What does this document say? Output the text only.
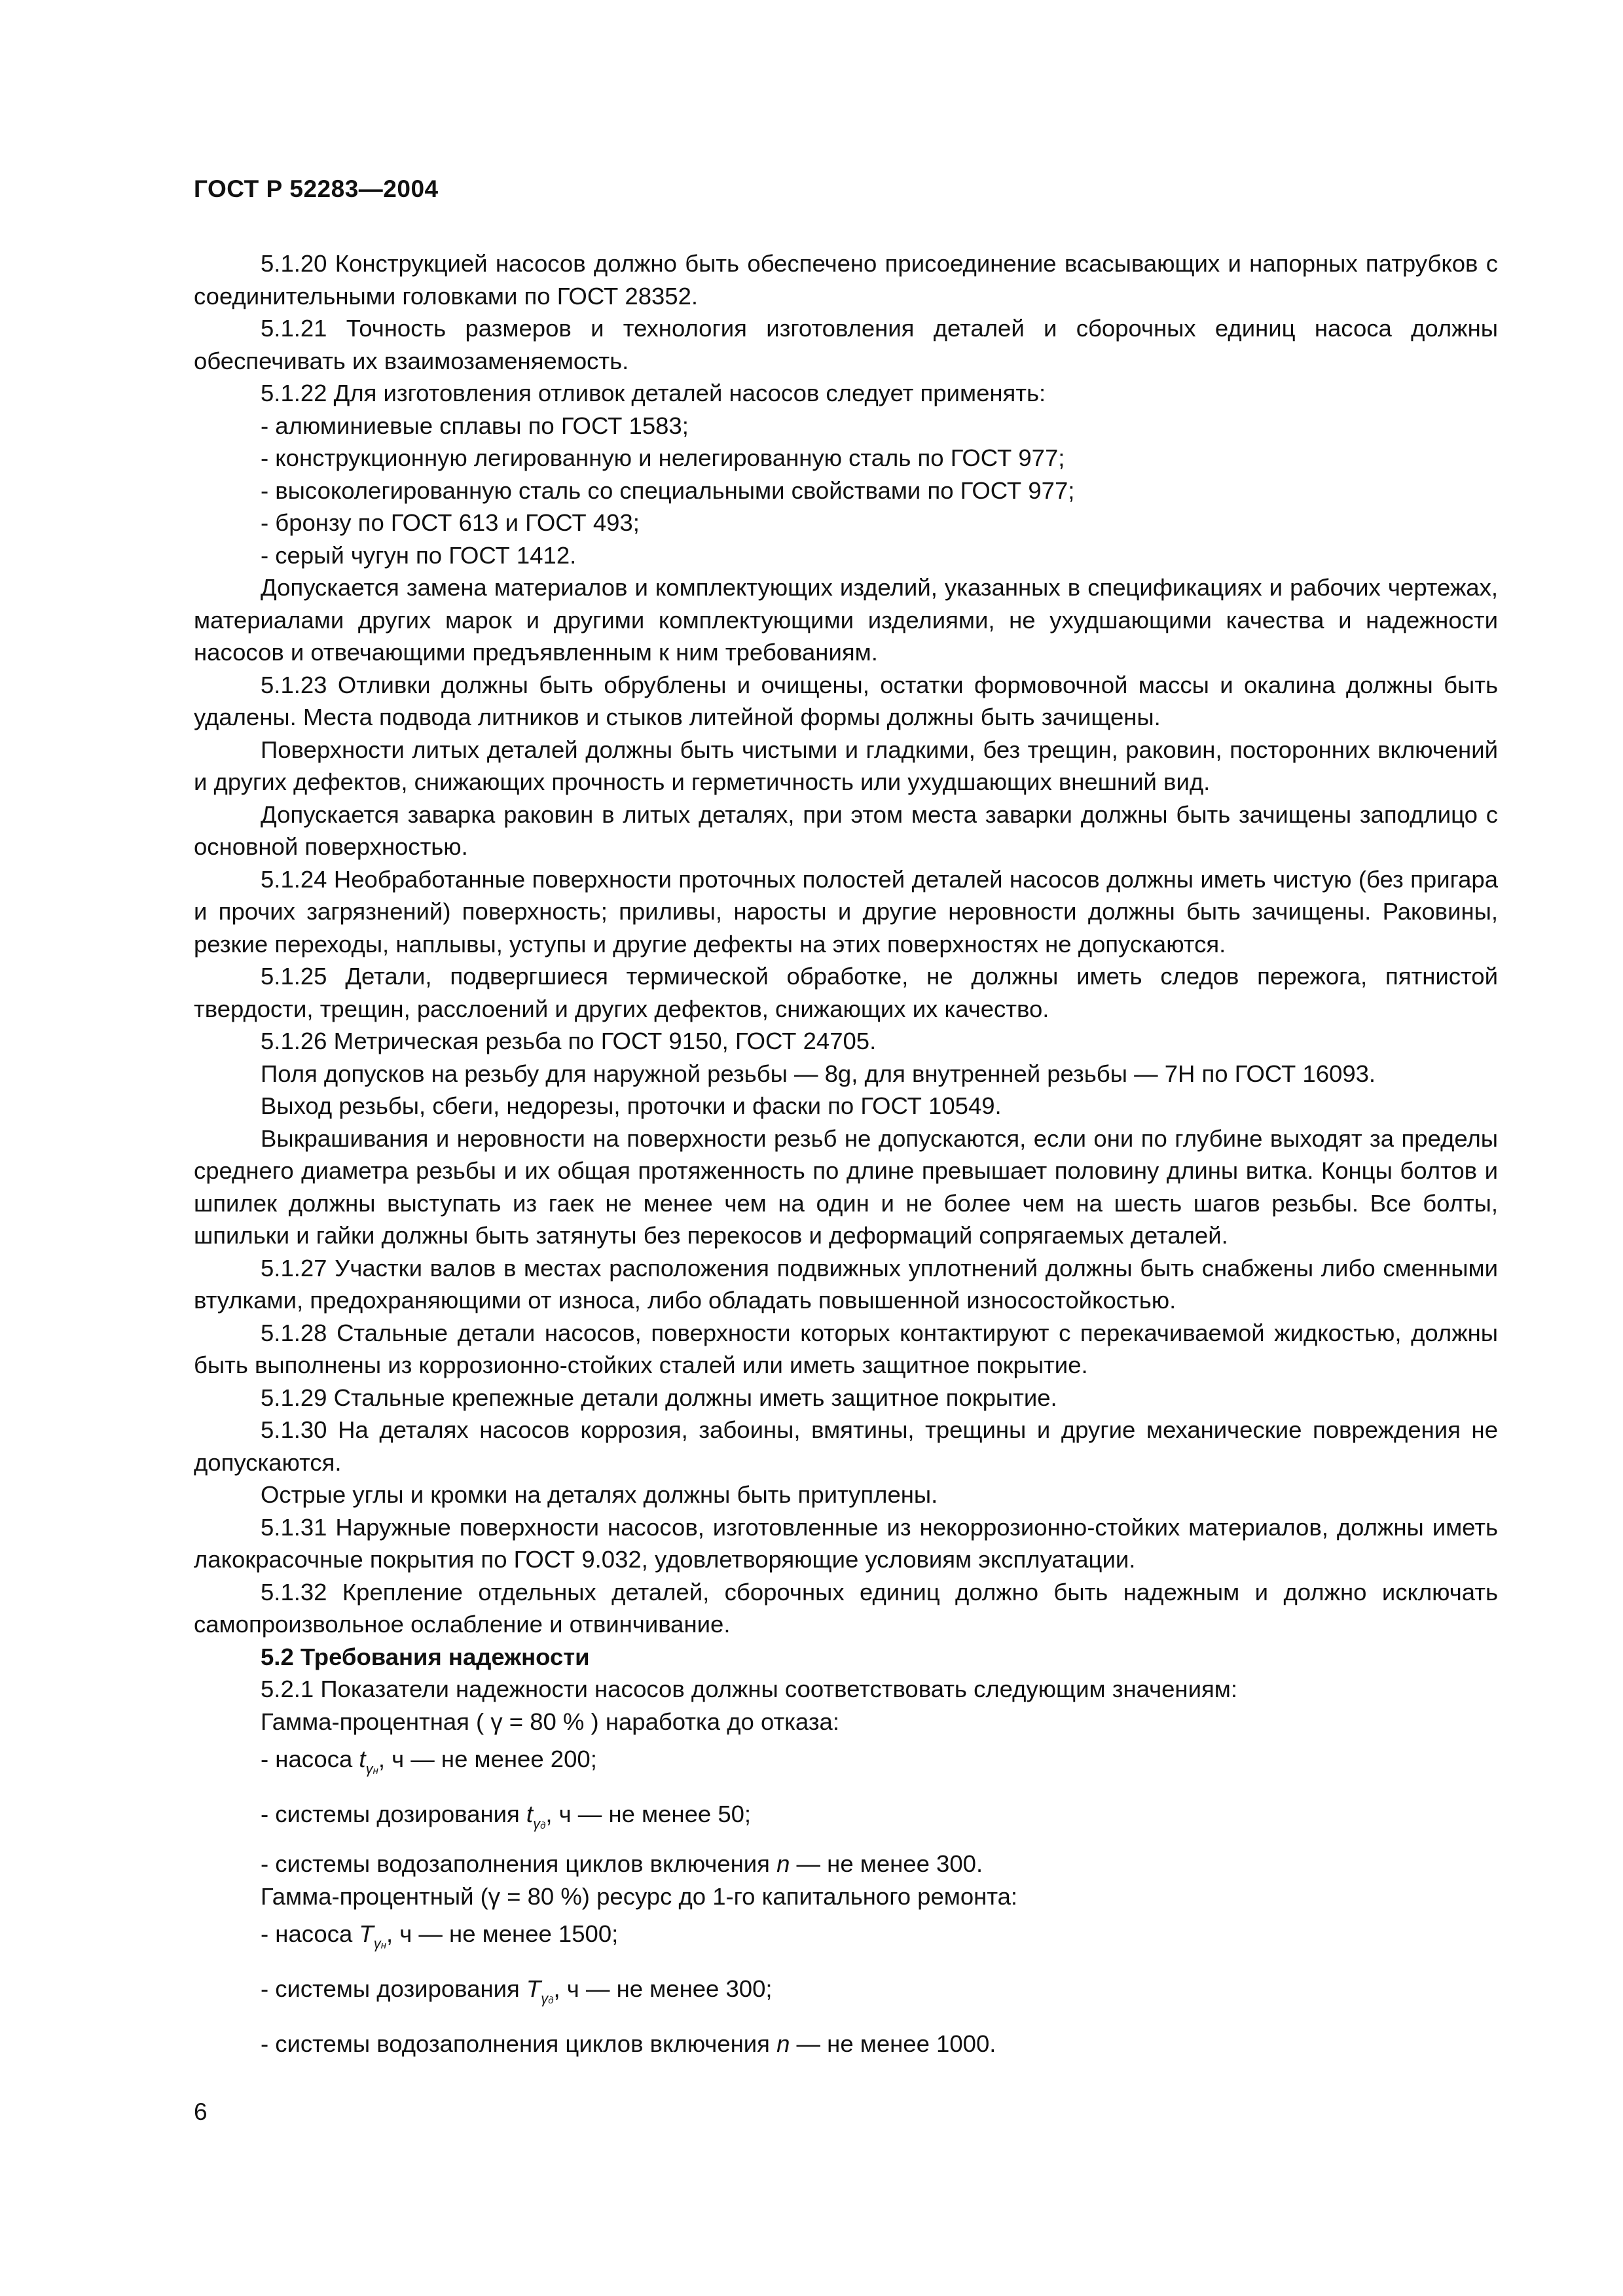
ГОСТ Р 52283—2004

5.1.20 Конструкцией насосов должно быть обеспечено присоединение всасывающих и напорных патрубков с соединительными головками по ГОСТ 28352.

5.1.21 Точность размеров и технология изготовления деталей и сборочных единиц насоса должны обеспечивать их взаимозаменяемость.

5.1.22 Для изготовления отливок деталей насосов следует применять:

- алюминиевые сплавы по ГОСТ 1583;

- конструкционную легированную и нелегированную сталь по ГОСТ 977;

- высоколегированную сталь со специальными свойствами по ГОСТ 977;

- бронзу по ГОСТ 613 и ГОСТ 493;

- серый чугун по ГОСТ 1412.

Допускается замена материалов и комплектующих изделий, указанных в спецификациях и рабочих чертежах, материалами других марок и другими комплектующими изделиями, не ухудшающими качества и надежности насосов и отвечающими предъявленным к ним требованиям.

5.1.23 Отливки должны быть обрублены и очищены, остатки формовочной массы и окалина должны быть удалены. Места подвода литников и стыков литейной формы должны быть зачищены.

Поверхности литых деталей должны быть чистыми и гладкими, без трещин, раковин, посторонних включений и других дефектов, снижающих прочность и герметичность или ухудшающих внешний вид.

Допускается заварка раковин в литых деталях, при этом места заварки должны быть зачищены заподлицо с основной поверхностью.

5.1.24 Необработанные поверхности проточных полостей деталей насосов должны иметь чистую (без пригара и прочих загрязнений) поверхность; приливы, наросты и другие неровности должны быть зачищены. Раковины, резкие переходы, наплывы, уступы и другие дефекты на этих поверхностях не допускаются.

5.1.25 Детали, подвергшиеся термической обработке, не должны иметь следов пережога, пятнистой твердости, трещин, расслоений и других дефектов, снижающих их качество.

5.1.26 Метрическая резьба по ГОСТ 9150, ГОСТ 24705.

Поля допусков на резьбу для наружной резьбы — 8g, для внутренней резьбы — 7H по ГОСТ 16093.

Выход резьбы, сбеги, недорезы, проточки и фаски по ГОСТ 10549.

Выкрашивания и неровности на поверхности резьб не допускаются, если они по глубине выходят за пределы среднего диаметра резьбы и их общая протяженность по длине превышает половину длины витка. Концы болтов и шпилек должны выступать из гаек не менее чем на один и не более чем на шесть шагов резьбы. Все болты, шпильки и гайки должны быть затянуты без перекосов и деформаций сопрягаемых деталей.

5.1.27 Участки валов в местах расположения подвижных уплотнений должны быть снабжены либо сменными втулками, предохраняющими от износа, либо обладать повышенной износостойкостью.

5.1.28 Стальные детали насосов, поверхности которых контактируют с перекачиваемой жидкостью, должны быть выполнены из коррозионно-стойких сталей или иметь защитное покрытие.

5.1.29 Стальные крепежные детали должны иметь защитное покрытие.

5.1.30 На деталях насосов коррозия, забоины, вмятины, трещины и другие механические повреждения не допускаются.

Острые углы и кромки на деталях должны быть притуплены.

5.1.31 Наружные поверхности насосов, изготовленные из некоррозионно-стойких материалов, должны иметь лакокрасочные покрытия по ГОСТ 9.032, удовлетворяющие условиям эксплуатации.

5.1.32 Крепление отдельных деталей, сборочных единиц должно быть надежным и должно исключать самопроизвольное ослабление и отвинчивание.

5.2 Требования надежности

5.2.1 Показатели надежности насосов должны соответствовать следующим значениям:

Гамма-процентная ( γ = 80 % ) наработка до отказа:

- насоса $t_{\gamma н}$, ч — не менее 200;

- системы дозирования $t_{\gamma д}$, ч — не менее 50;

- системы водозаполнения циклов включения n — не менее 300.

Гамма-процентный (γ = 80 %) ресурс до 1-го капитального ремонта:

- насоса $T_{\gamma н}$, ч — не менее 1500;

- системы дозирования $T_{\gamma д}$, ч — не менее 300;

- системы водозаполнения циклов включения n — не менее 1000.

6
